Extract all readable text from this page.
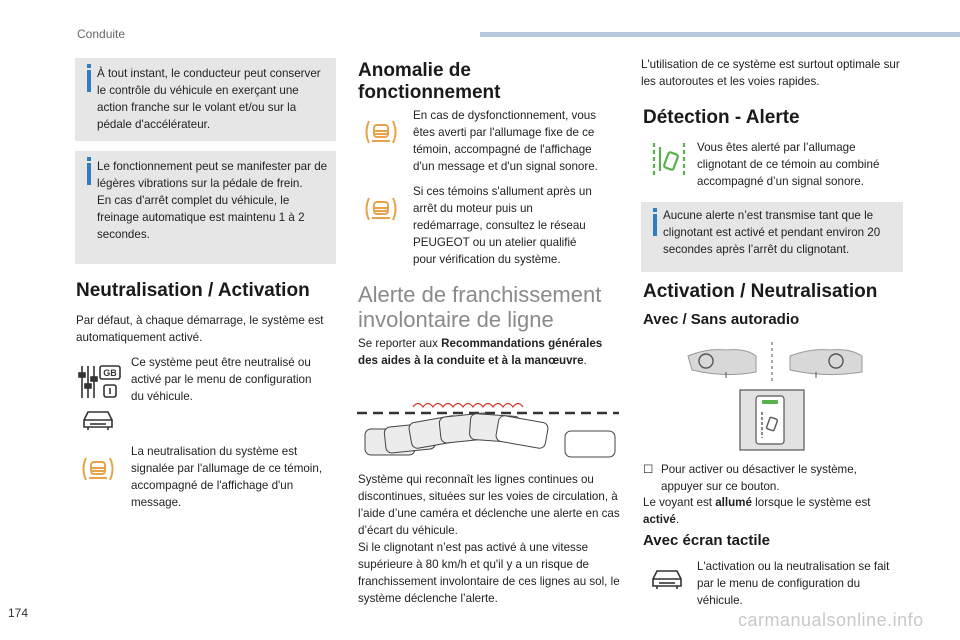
Conduite

À tout instant, le conducteur peut conserver le contrôle du véhicule en exerçant une action franche sur le volant et/ou sur la pédale d'accélérateur.

Le fonctionnement peut se manifester par de légères vibrations sur la pédale de frein.

En cas d'arrêt complet du véhicule, le freinage automatique est maintenu 1 à 2 secondes.

Neutralisation / Activation

Par défaut, à chaque démarrage, le système est automatiquement activé.

GB

Ce système peut être neutralisé ou activé par le menu de configuration du véhicule.

La neutralisation du système est signalée par l'allumage de ce témoin, accompagné de l'affichage d'un message.

Anomalie de fonctionnement

En cas de dysfonctionnement, vous êtes averti par l'allumage fixe de ce témoin, accompagné de l'affichage d'un message et d'un signal sonore.

Si ces témoins s'allument après un arrêt du moteur puis un redémarrage, consultez le réseau PEUGEOT ou un atelier qualifié pour vérification du système.

Alerte de franchissement involontaire de ligne

Se reporter aux Recommandations générales des aides à la conduite et à la manœuvre.

Système qui reconnaît les lignes continues ou discontinues, situées sur les voies de circulation, à l’aide d’une caméra et déclenche une alerte en cas d’écart du véhicule.

Si le clignotant n’est pas activé à une vitesse supérieure à 80 km/h et qu'il y a un risque de franchissement involontaire de ces lignes au sol, le système déclenche l’alerte.

L'utilisation de ce système est surtout optimale sur les autoroutes et les voies rapides.

Détection - Alerte

Vous êtes alerté par l’allumage clignotant de ce témoin au combiné accompagné d’un signal sonore.

Aucune alerte n’est transmise tant que le clignotant est activé et pendant environ 20 secondes après l’arrêt du clignotant.

Activation / Neutralisation
Avec / Sans autoradio
☐ Pour activer ou désactiver le système, appuyer sur ce bouton.

Le voyant est allumé lorsque le système est activé.

Avec écran tactile

L'activation ou la neutralisation se fait par le menu de configuration du véhicule.

174	carmanualsonline.info
